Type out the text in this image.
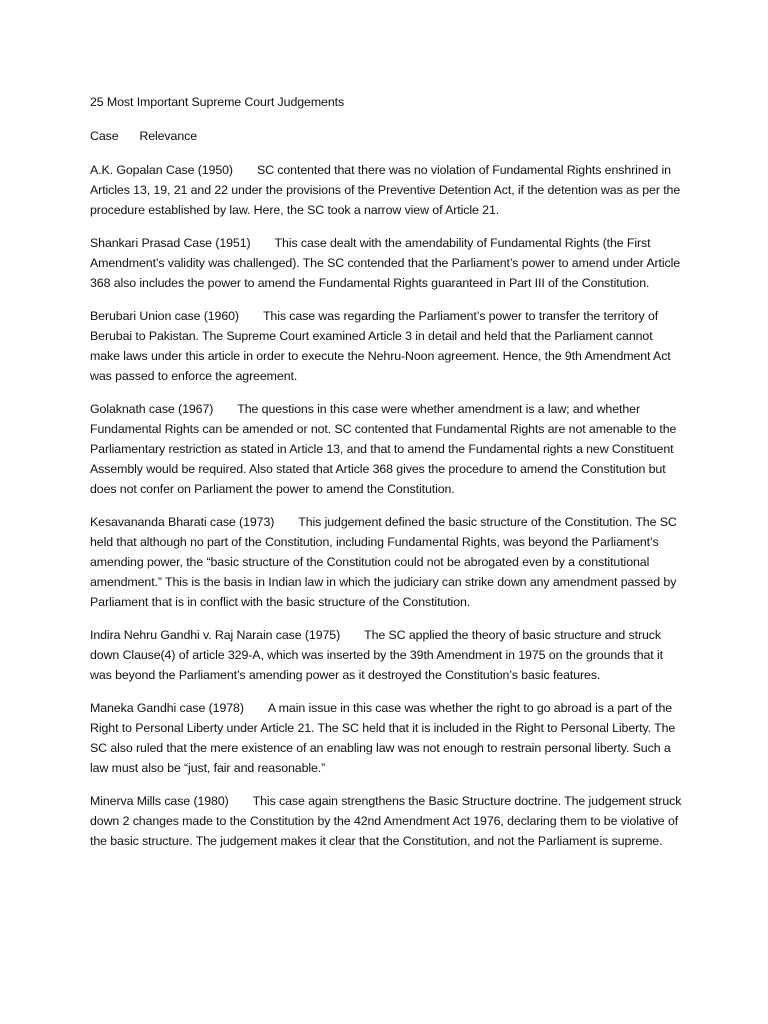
25 Most Important Supreme Court Judgements

Case Relevance

A.K. Gopalan Case (1950) SC contented that there was no violation of Fundamental Rights enshrined in Articles 13, 19, 21 and 22 under the provisions of the Preventive Detention Act, if the detention was as per the procedure established by law. Here, the SC took a narrow view of Article 21.

Shankari Prasad Case (1951) This case dealt with the amendability of Fundamental Rights (the First Amendment’s validity was challenged). The SC contended that the Parliament’s power to amend under Article 368 also includes the power to amend the Fundamental Rights guaranteed in Part III of the Constitution.

Berubari Union case (1960) This case was regarding the Parliament’s power to transfer the territory of Berubai to Pakistan. The Supreme Court examined Article 3 in detail and held that the Parliament cannot make laws under this article in order to execute the Nehru-Noon agreement. Hence, the 9th Amendment Act was passed to enforce the agreement.

Golaknath case (1967) The questions in this case were whether amendment is a law; and whether Fundamental Rights can be amended or not. SC contented that Fundamental Rights are not amenable to the Parliamentary restriction as stated in Article 13, and that to amend the Fundamental rights a new Constituent Assembly would be required. Also stated that Article 368 gives the procedure to amend the Constitution but does not confer on Parliament the power to amend the Constitution.

Kesavananda Bharati case (1973) This judgement defined the basic structure of the Constitution. The SC held that although no part of the Constitution, including Fundamental Rights, was beyond the Parliament’s amending power, the “basic structure of the Constitution could not be abrogated even by a constitutional amendment.” This is the basis in Indian law in which the judiciary can strike down any amendment passed by Parliament that is in conflict with the basic structure of the Constitution.

Indira Nehru Gandhi v. Raj Narain case (1975) The SC applied the theory of basic structure and struck down Clause(4) of article 329-A, which was inserted by the 39th Amendment in 1975 on the grounds that it was beyond the Parliament’s amending power as it destroyed the Constitution’s basic features.

Maneka Gandhi case (1978) A main issue in this case was whether the right to go abroad is a part of the Right to Personal Liberty under Article 21. The SC held that it is included in the Right to Personal Liberty. The SC also ruled that the mere existence of an enabling law was not enough to restrain personal liberty. Such a law must also be “just, fair and reasonable.”

Minerva Mills case (1980) This case again strengthens the Basic Structure doctrine. The judgement struck down 2 changes made to the Constitution by the 42nd Amendment Act 1976, declaring them to be violative of the basic structure. The judgement makes it clear that the Constitution, and not the Parliament is supreme.
